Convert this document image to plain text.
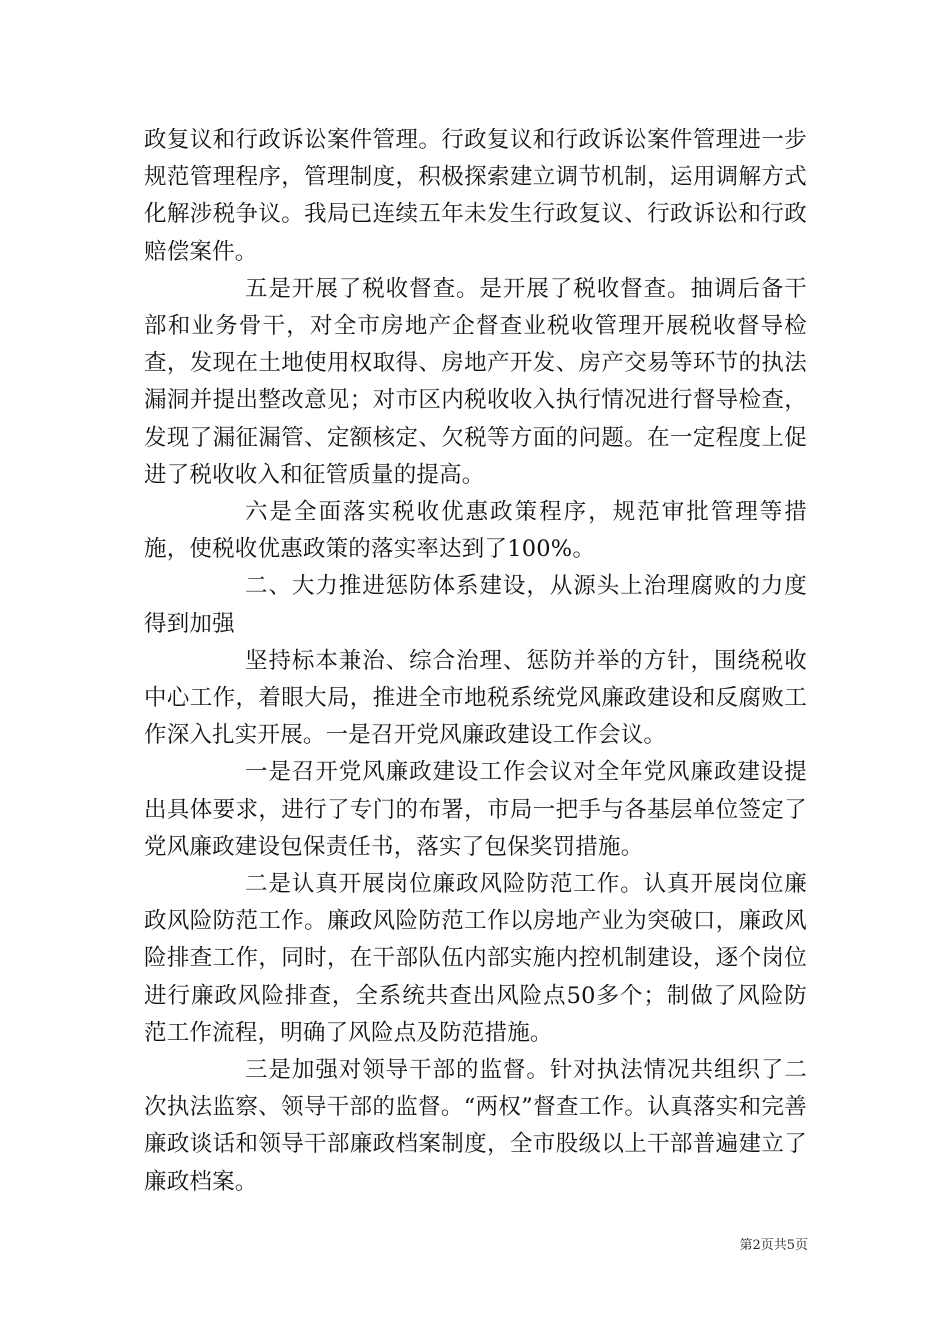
政复议和行政诉讼案件管理。行政复议和行政诉讼案件管理进一步规范管理程序，管理制度，积极探索建立调节机制，运用调解方式化解涉税争议。我局已连续五年未发生行政复议、行政诉讼和行政赔偿案件。

五是开展了税收督查。是开展了税收督查。抽调后备干部和业务骨干，对全市房地产企督查业税收管理开展税收督导检查，发现在土地使用权取得、房地产开发、房产交易等环节的执法漏洞并提出整改意见；对市区内税收收入执行情况进行督导检查，发现了漏征漏管、定额核定、欠税等方面的问题。在一定程度上促进了税收收入和征管质量的提高。

六是全面落实税收优惠政策程序，规范审批管理等措施，使税收优惠政策的落实率达到了100%。

二、大力推进惩防体系建设，从源头上治理腐败的力度得到加强

坚持标本兼治、综合治理、惩防并举的方针，围绕税收中心工作，着眼大局，推进全市地税系统党风廉政建设和反腐败工作深入扎实开展。一是召开党风廉政建设工作会议。

一是召开党风廉政建设工作会议对全年党风廉政建设提出具体要求，进行了专门的布署，市局一把手与各基层单位签定了党风廉政建设包保责任书，落实了包保奖罚措施。

二是认真开展岗位廉政风险防范工作。认真开展岗位廉政风险防范工作。廉政风险防范工作以房地产业为突破口，廉政风险排查工作，同时，在干部队伍内部实施内控机制建设，逐个岗位进行廉政风险排查，全系统共查出风险点50多个；制做了风险防范工作流程，明确了风险点及防范措施。

三是加强对领导干部的监督。针对执法情况共组织了二次执法监察、领导干部的监督。“两权”督查工作。认真落实和完善廉政谈话和领导干部廉政档案制度，全市股级以上干部普遍建立了廉政档案。

第2页共5页
